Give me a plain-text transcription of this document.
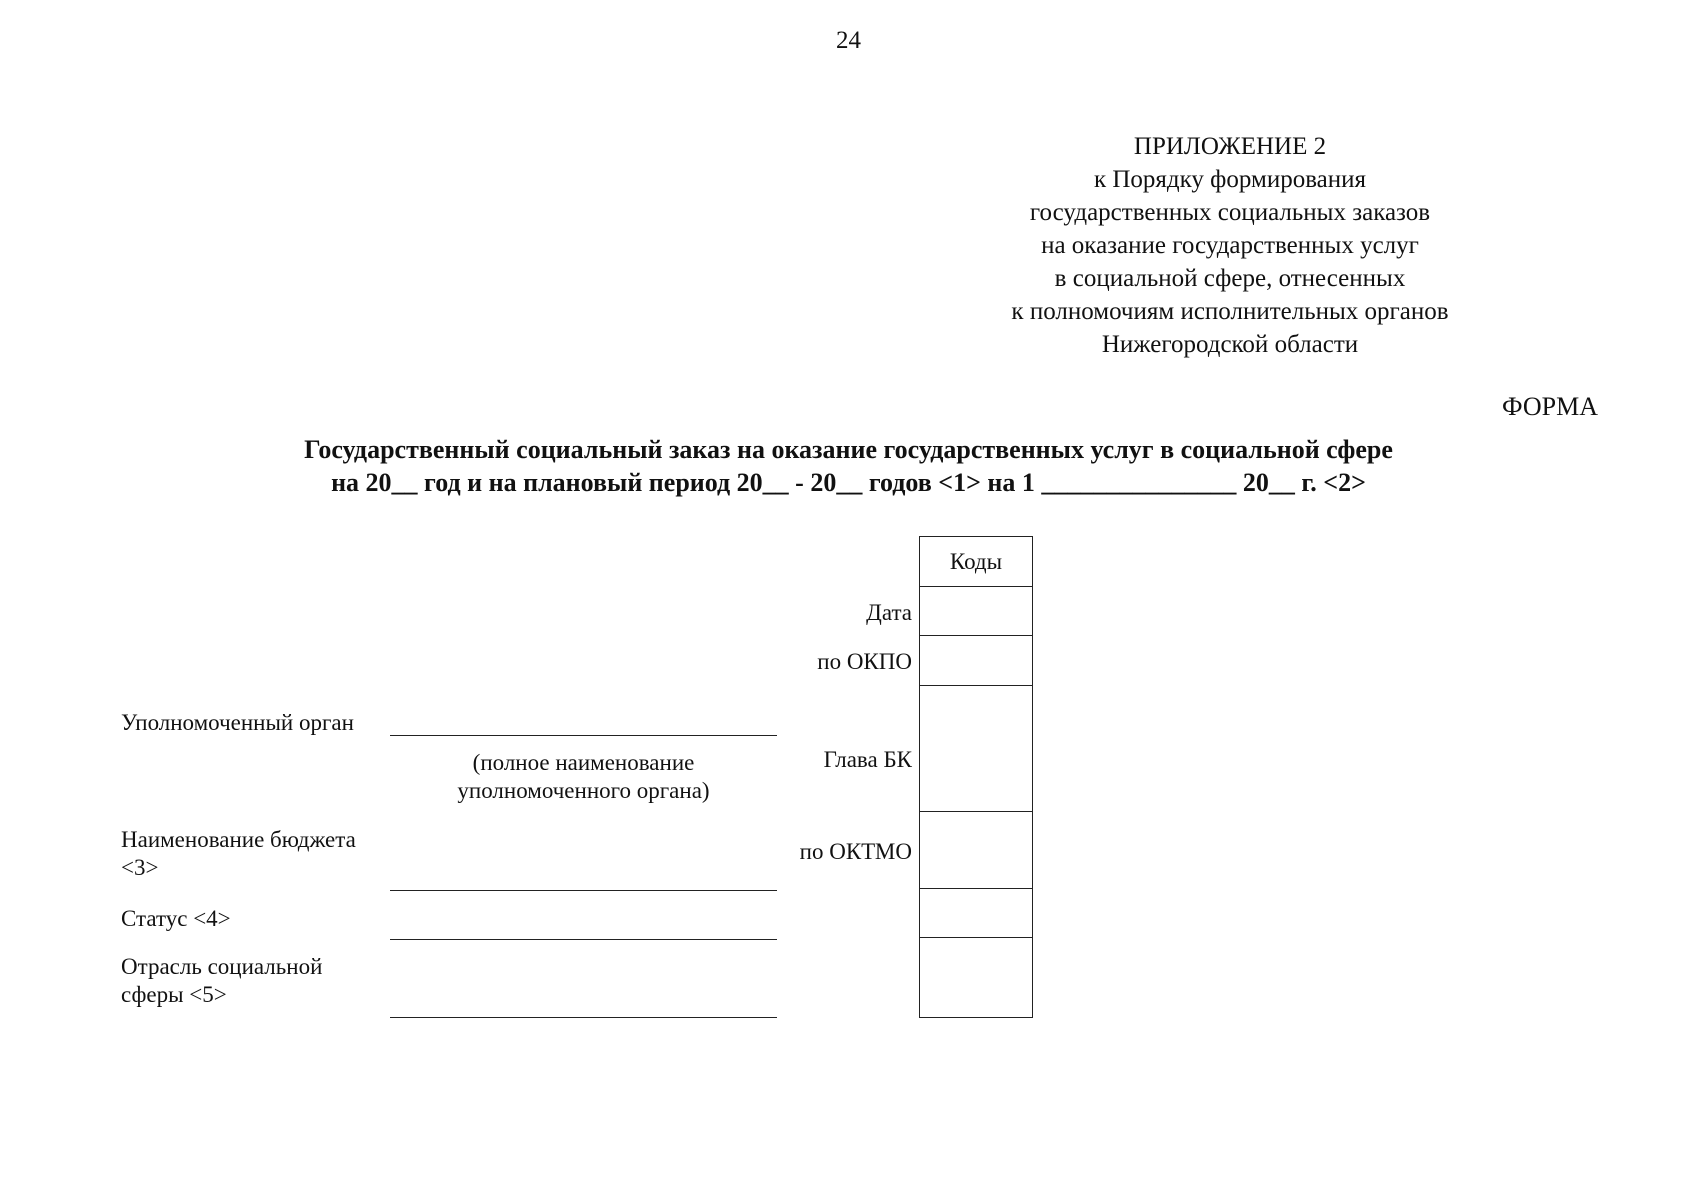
24
ПРИЛОЖЕНИЕ 2
к Порядку формирования
государственных социальных заказов
на оказание государственных услуг
в социальной сфере, отнесенных
к полномочиям исполнительных органов
Нижегородской области
ФОРМА
Государственный социальный заказ на оказание государственных услуг в социальной сфере
на 20__ год и на плановый период 20__ - 20__ годов <1> на 1 _______________ 20__ г. <2>
Уполномоченный орган
Наименование бюджета
<3>
Статус <4>
Отрасль социальной
сферы <5>
(полное наименование
уполномоченного органа)
Дата
по ОКПО
Глава БК
по ОКТМО
Коды
